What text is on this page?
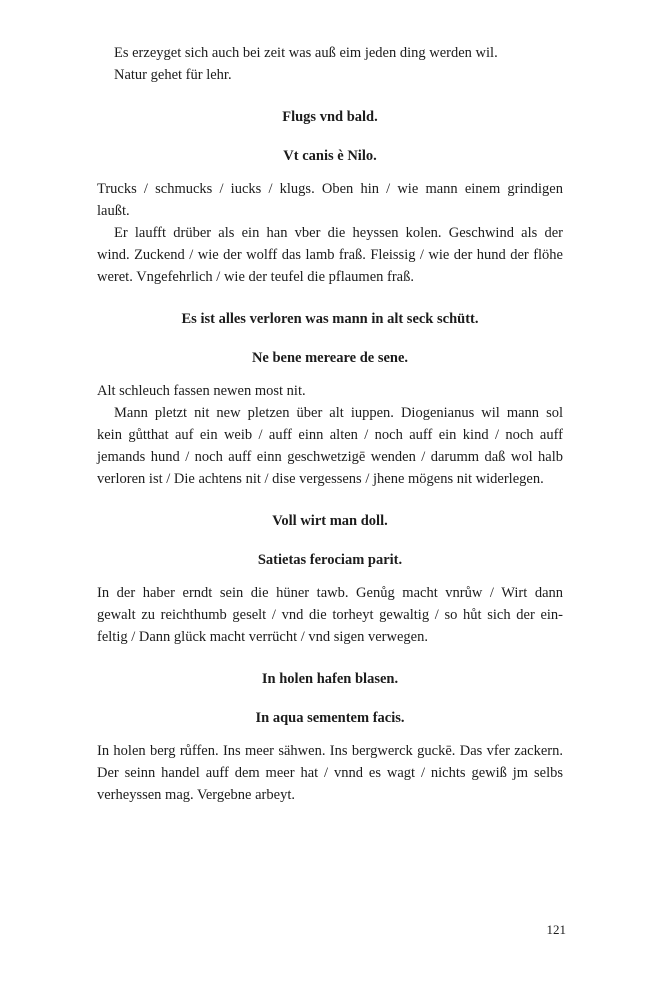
Es erzeyget sich auch bei zeit was auß eim jeden ding werden wil.
Natur gehet für lehr.
Flugs vnd bald.
Vt canis è Nilo.
Trucks / schmucks / iucks / klugs. Oben hin / wie mann einem grindigen
laußt.
Er laufft drüber als ein han vber die heyssen kolen. Geschwind als der
wind. Zuckend / wie der wolff das lamb fraß. Fleissig / wie der hund der flöhe
weret. Vngefehrlich / wie der teufel die pflaumen fraß.
Es ist alles verloren was mann in alt seck schütt.
Ne bene mereare de sene.
Alt schleuch fassen newen most nit.
Mann pletzt nit new pletzen über alt iuppen. Diogenianus wil mann sol
kein gůtthat auf ein weib / auff einn alten / noch auff ein kind / noch auff
jemands hund / noch auff einn geschwetzigē wenden / darumm daß wol halb
verloren ist / Die achtens nit / dise vergessens / jhene mögens nit widerlegen.
Voll wirt man doll.
Satietas ferociam parit.
In der haber erndt sein die hüner tawb. Genůg macht vnrůw / Wirt dann
gewalt zu reichthumb geselt / vnd die torheyt gewaltig / so hůt sich der ein-
feltig / Dann glück macht verrücht / vnd sigen verwegen.
In holen hafen blasen.
In aqua sementem facis.
In holen berg růffen. Ins meer sähwen. Ins bergwerck guckē. Das vfer zackern.
Der seinn handel auff dem meer hat / vnnd es wagt / nichts gewiß jm selbs
verheyssen mag. Vergebne arbeyt.
121
